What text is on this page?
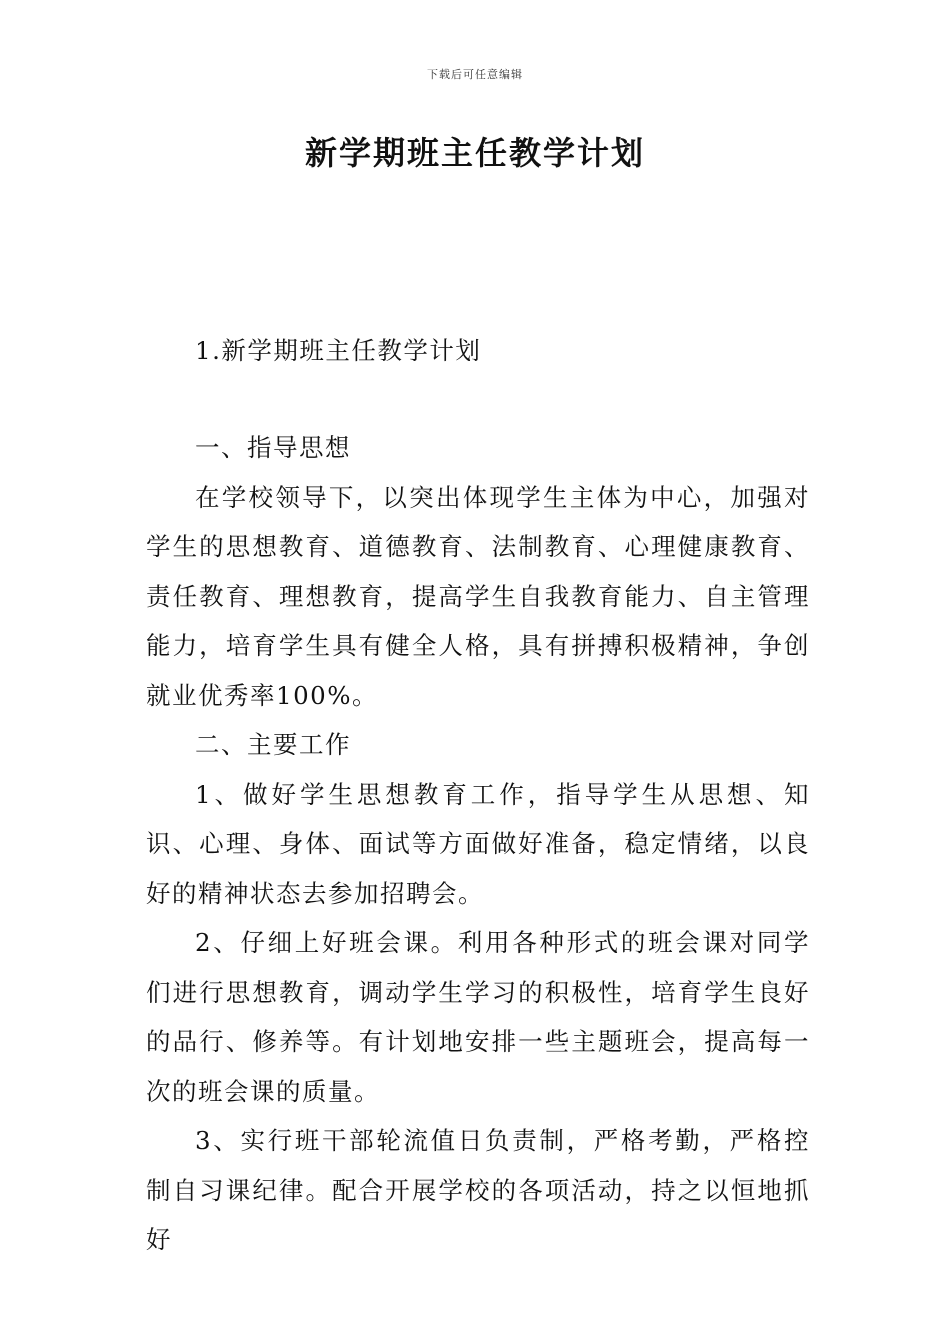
下载后可任意编辑
新学期班主任教学计划

1.新学期班主任教学计划

一、指导思想

在学校领导下，以突出体现学生主体为中心，加强对学生的思想教育、道德教育、法制教育、心理健康教育、责任教育、理想教育，提高学生自我教育能力、自主管理能力，培育学生具有健全人格，具有拼搏积极精神，争创就业优秀率100%。

二、主要工作

1、做好学生思想教育工作，指导学生从思想、知识、心理、身体、面试等方面做好准备，稳定情绪，以良好的精神状态去参加招聘会。

2、仔细上好班会课。利用各种形式的班会课对同学们进行思想教育，调动学生学习的积极性，培育学生良好的品行、修养等。有计划地安排一些主题班会，提高每一次的班会课的质量。

3、实行班干部轮流值日负责制，严格考勤，严格控制自习课纪律。配合开展学校的各项活动，持之以恒地抓好
